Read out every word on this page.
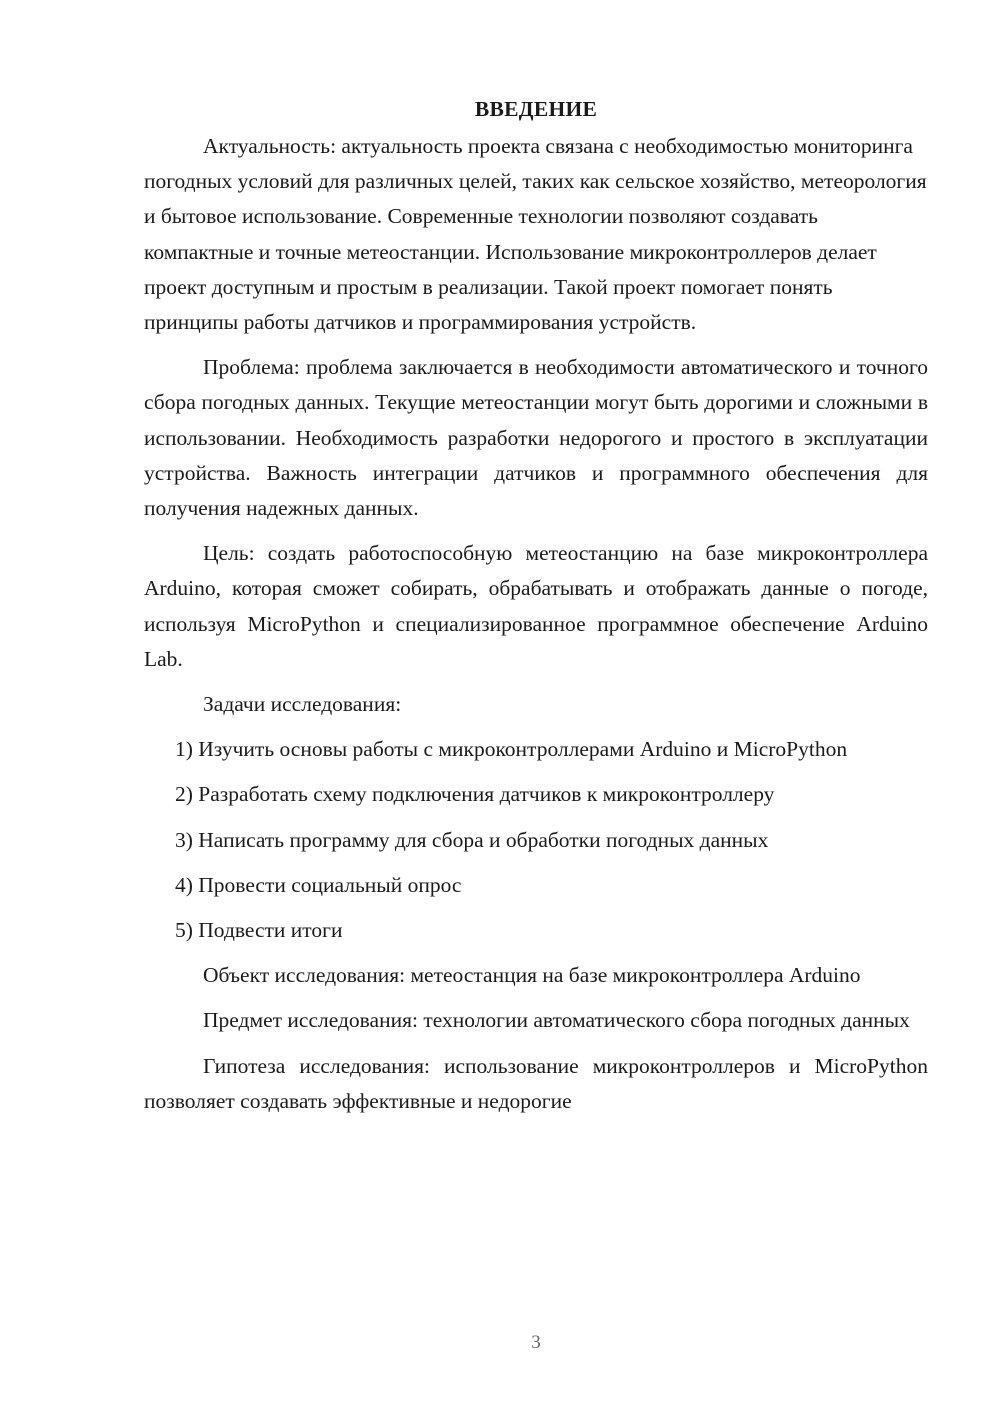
ВВЕДЕНИЕ

Актуальность: актуальность проекта связана с необходимостью мониторинга погодных условий для различных целей, таких как сельское хозяйство, метеорология и бытовое использование. Современные технологии позволяют создавать компактные и точные метеостанции. Использование микроконтроллеров делает проект доступным и простым в реализации. Такой проект помогает понять принципы работы датчиков и программирования устройств.

Проблема: проблема заключается в необходимости автоматического и точного сбора погодных данных. Текущие метеостанции могут быть дорогими и сложными в использовании. Необходимость разработки недорогого и простого в эксплуатации устройства. Важность интеграции датчиков и программного обеспечения для получения надежных данных.

Цель: создать работоспособную метеостанцию на базе микроконтроллера Arduino, которая сможет собирать, обрабатывать и отображать данные о погоде, используя MicroPython и специализированное программное обеспечение Arduino Lab.

Задачи исследования:

1) Изучить основы работы с микроконтроллерами Arduino и MicroPython

2) Разработать схему подключения датчиков к микроконтроллеру

3) Написать программу для сбора и обработки погодных данных

4) Провести социальный опрос

5) Подвести итоги

Объект исследования: метеостанция на базе микроконтроллера Arduino

Предмет исследования: технологии автоматического сбора погодных данных

Гипотеза исследования: использование микроконтроллеров и MicroPython позволяет создавать эффективные и недорогие

3
